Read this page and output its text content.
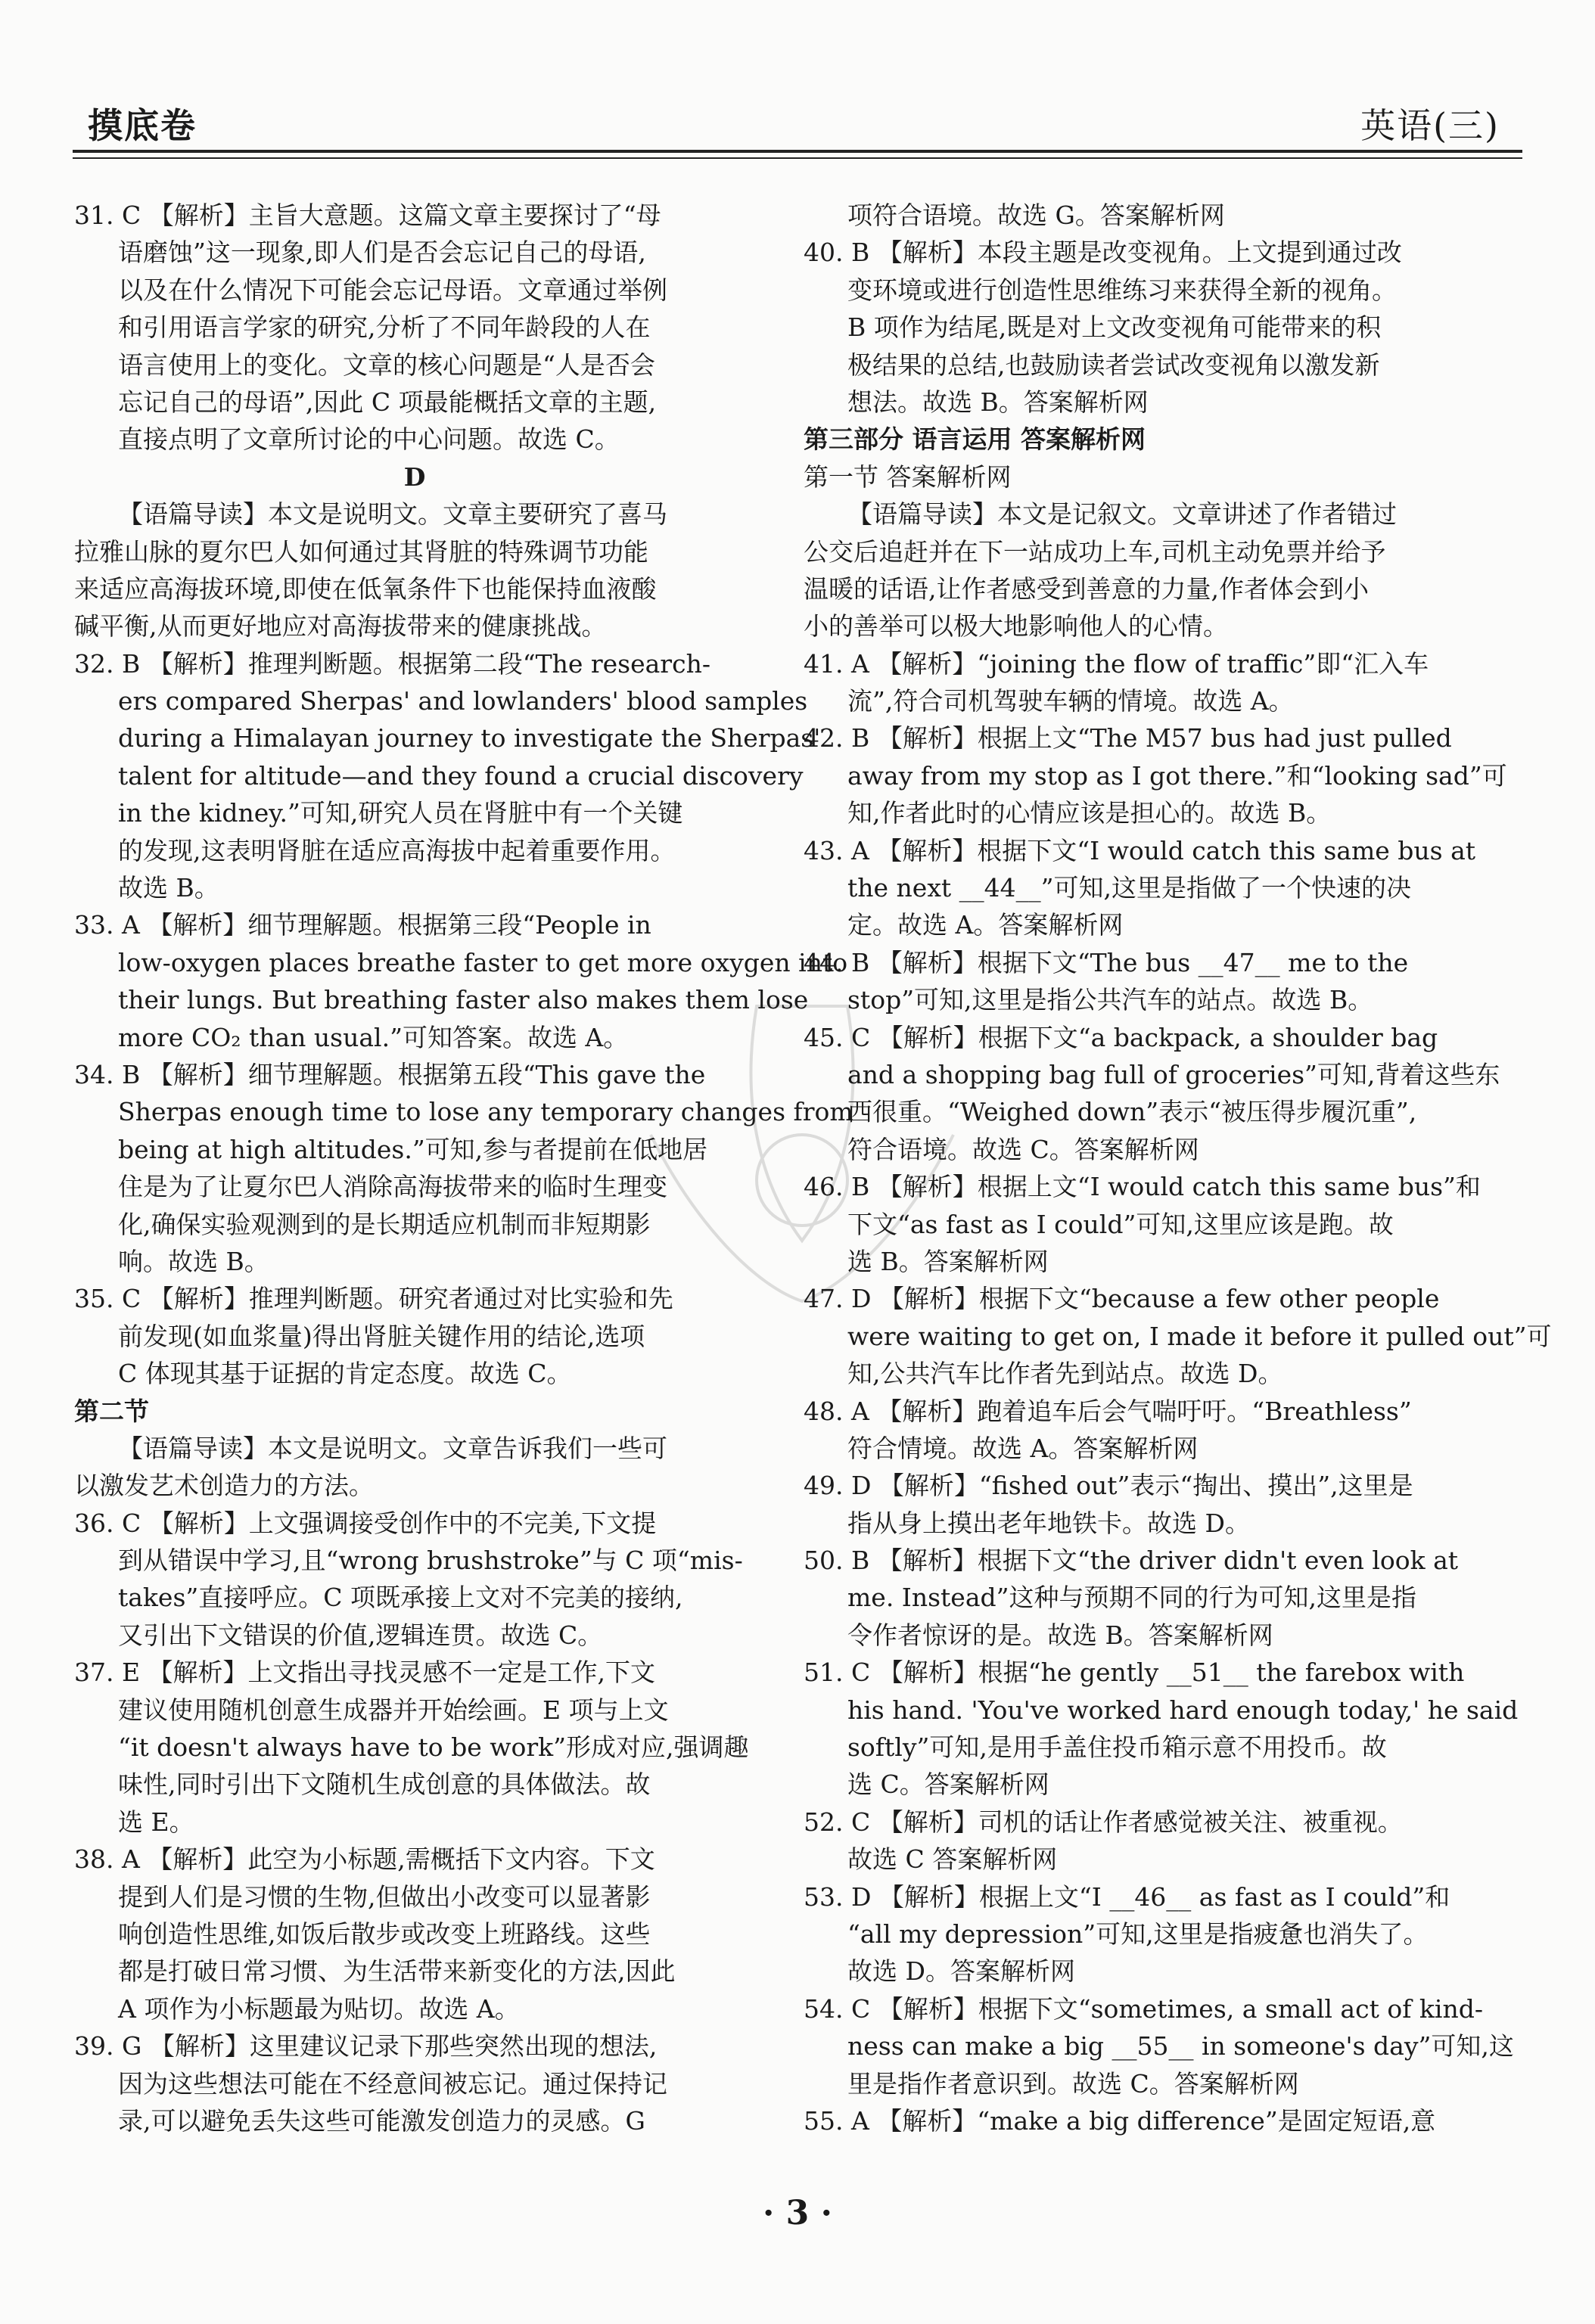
摸底卷	英语(三)
31. C 【解析】主旨大意题。这篇文章主要探讨了“母
语磨蚀”这一现象,即人们是否会忘记自己的母语,
以及在什么情况下可能会忘记母语。文章通过举例
和引用语言学家的研究,分析了不同年龄段的人在
语言使用上的变化。文章的核心问题是“人是否会
忘记自己的母语”,因此 C 项最能概括文章的主题,
直接点明了文章所讨论的中心问题。故选 C。
D
【语篇导读】本文是说明文。文章主要研究了喜马
拉雅山脉的夏尔巴人如何通过其肾脏的特殊调节功能
来适应高海拔环境,即使在低氧条件下也能保持血液酸
碱平衡,从而更好地应对高海拔带来的健康挑战。
32. B 【解析】推理判断题。根据第二段“The research-
ers compared Sherpas' and lowlanders' blood samples
during a Himalayan journey to investigate the Sherpas'
talent for altitude—and they found a crucial discovery
in the kidney.”可知,研究人员在肾脏中有一个关键
的发现,这表明肾脏在适应高海拔中起着重要作用。
故选 B。
33. A 【解析】细节理解题。根据第三段“People in
low-oxygen places breathe faster to get more oxygen into
their lungs. But breathing faster also makes them lose
more CO₂ than usual.”可知答案。故选 A。
34. B 【解析】细节理解题。根据第五段“This gave the
Sherpas enough time to lose any temporary changes from
being at high altitudes.”可知,参与者提前在低地居
住是为了让夏尔巴人消除高海拔带来的临时生理变
化,确保实验观测到的是长期适应机制而非短期影
响。故选 B。
35. C 【解析】推理判断题。研究者通过对比实验和先
前发现(如血浆量)得出肾脏关键作用的结论,选项
C 体现其基于证据的肯定态度。故选 C。
第二节
【语篇导读】本文是说明文。文章告诉我们一些可
以激发艺术创造力的方法。
36. C 【解析】上文强调接受创作中的不完美,下文提
到从错误中学习,且“wrong brushstroke”与 C 项“mis-
takes”直接呼应。C 项既承接上文对不完美的接纳,
又引出下文错误的价值,逻辑连贯。故选 C。
37. E 【解析】上文指出寻找灵感不一定是工作,下文
建议使用随机创意生成器并开始绘画。E 项与上文
“it doesn't always have to be work”形成对应,强调趣
味性,同时引出下文随机生成创意的具体做法。故
选 E。
38. A 【解析】此空为小标题,需概括下文内容。下文
提到人们是习惯的生物,但做出小改变可以显著影
响创造性思维,如饭后散步或改变上班路线。这些
都是打破日常习惯、为生活带来新变化的方法,因此
A 项作为小标题最为贴切。故选 A。
39. G 【解析】这里建议记录下那些突然出现的想法,
因为这些想法可能在不经意间被忘记。通过保持记
录,可以避免丢失这些可能激发创造力的灵感。G
项符合语境。故选 G。答案解析网
40. B 【解析】本段主题是改变视角。上文提到通过改
变环境或进行创造性思维练习来获得全新的视角。
B 项作为结尾,既是对上文改变视角可能带来的积
极结果的总结,也鼓励读者尝试改变视角以激发新
想法。故选 B。答案解析网
第三部分 语言运用 答案解析网
第一节 答案解析网
【语篇导读】本文是记叙文。文章讲述了作者错过
公交后追赶并在下一站成功上车,司机主动免票并给予
温暖的话语,让作者感受到善意的力量,作者体会到小
小的善举可以极大地影响他人的心情。
41. A 【解析】“joining the flow of traffic”即“汇入车
流”,符合司机驾驶车辆的情境。故选 A。
42. B 【解析】根据上文“The M57 bus had just pulled
away from my stop as I got there.”和“looking sad”可
知,作者此时的心情应该是担心的。故选 B。
43. A 【解析】根据下文“I would catch this same bus at
the next __44__”可知,这里是指做了一个快速的决
定。故选 A。答案解析网
44. B 【解析】根据下文“The bus __47__ me to the
stop”可知,这里是指公共汽车的站点。故选 B。
45. C 【解析】根据下文“a backpack, a shoulder bag
and a shopping bag full of groceries”可知,背着这些东
西很重。“Weighed down”表示“被压得步履沉重”,
符合语境。故选 C。答案解析网
46. B 【解析】根据上文“I would catch this same bus”和
下文“as fast as I could”可知,这里应该是跑。故
选 B。答案解析网
47. D 【解析】根据下文“because a few other people
were waiting to get on, I made it before it pulled out”可
知,公共汽车比作者先到站点。故选 D。
48. A 【解析】跑着追车后会气喘吁吁。“Breathless”
符合情境。故选 A。答案解析网
49. D 【解析】“fished out”表示“掏出、摸出”,这里是
指从身上摸出老年地铁卡。故选 D。
50. B 【解析】根据下文“the driver didn't even look at
me. Instead”这种与预期不同的行为可知,这里是指
令作者惊讶的是。故选 B。答案解析网
51. C 【解析】根据“he gently __51__ the farebox with
his hand. 'You've worked hard enough today,' he said
softly”可知,是用手盖住投币箱示意不用投币。故
选 C。答案解析网
52. C 【解析】司机的话让作者感觉被关注、被重视。
故选 C 答案解析网
53. D 【解析】根据上文“I __46__ as fast as I could”和
“all my depression”可知,这里是指疲惫也消失了。
故选 D。答案解析网
54. C 【解析】根据下文“sometimes, a small act of kind-
ness can make a big __55__ in someone's day”可知,这
里是指作者意识到。故选 C。答案解析网
55. A 【解析】“make a big difference”是固定短语,意
· 3 ·
